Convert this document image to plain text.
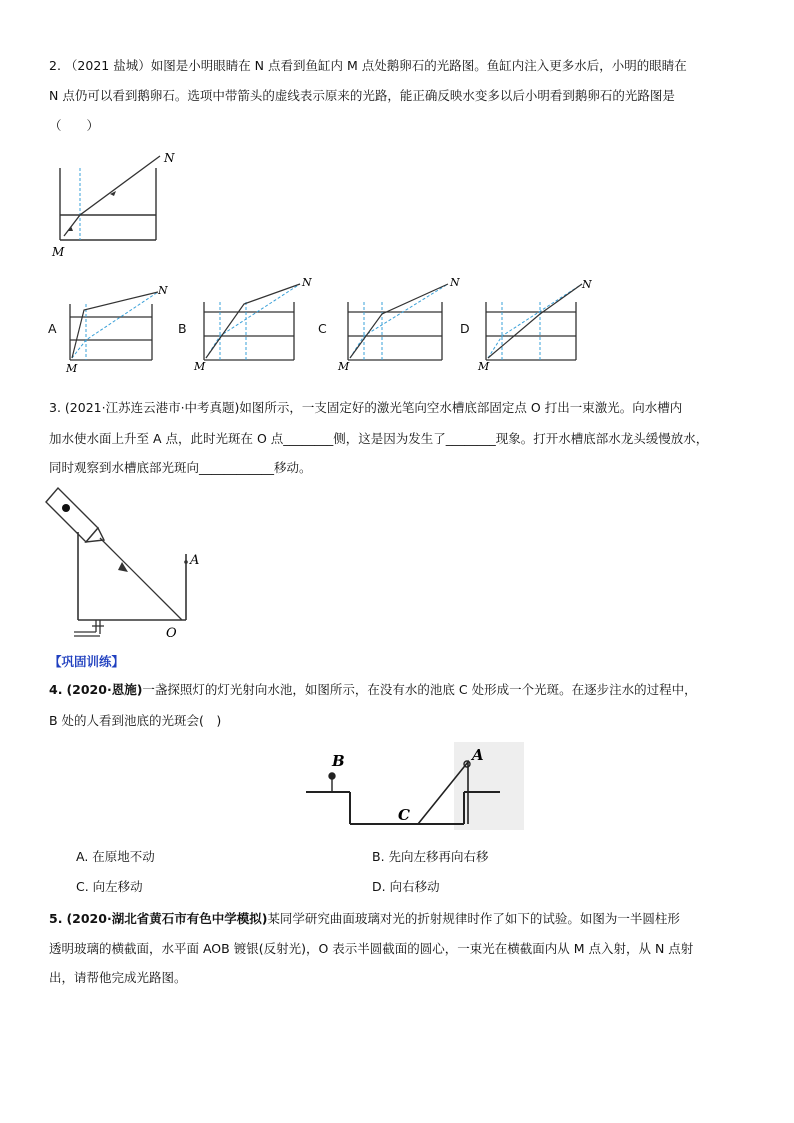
2. （2021 盐城）如图是小明眼睛在 N 点看到鱼缸内 M 点处鹅卵石的光路图。鱼缸内注入更多水后，小明的眼睛在
N 点仍可以看到鹅卵石。选项中带箭头的虚线表示原来的光路，能正确反映水变多以后小明看到鹅卵石的光路图是
（　　）
N
M
A
N
M
B
N
M
C
N
M
D
N
M
3. (2021·江苏连云港市·中考真题)如图所示，一支固定好的激光笔向空水槽底部固定点 O 打出一束激光。向水槽内
加水使水面上升至 A 点，此时光斑在 O 点________侧，这是因为发生了________现象。打开水槽底部水龙头缓慢放水，
同时观察到水槽底部光斑向____________移动。
A
O
【巩固训练】
4. (2020·恩施)一盏探照灯的灯光射向水池，如图所示，在没有水的池底 C 处形成一个光斑。在逐步注水的过程中，
B 处的人看到池底的光斑会(　)
B	A
C
A. 在原地不动	B. 先向左移再向右移
C. 向左移动	D. 向右移动
5. (2020·湖北省黄石市有色中学模拟)某同学研究曲面玻璃对光的折射规律时作了如下的试验。如图为一半圆柱形
透明玻璃的横截面，水平面 AOB 镀银(反射光)，O 表示半圆截面的圆心，一束光在横截面内从 M 点入射，从 N 点射
出，请帮他完成光路图。
